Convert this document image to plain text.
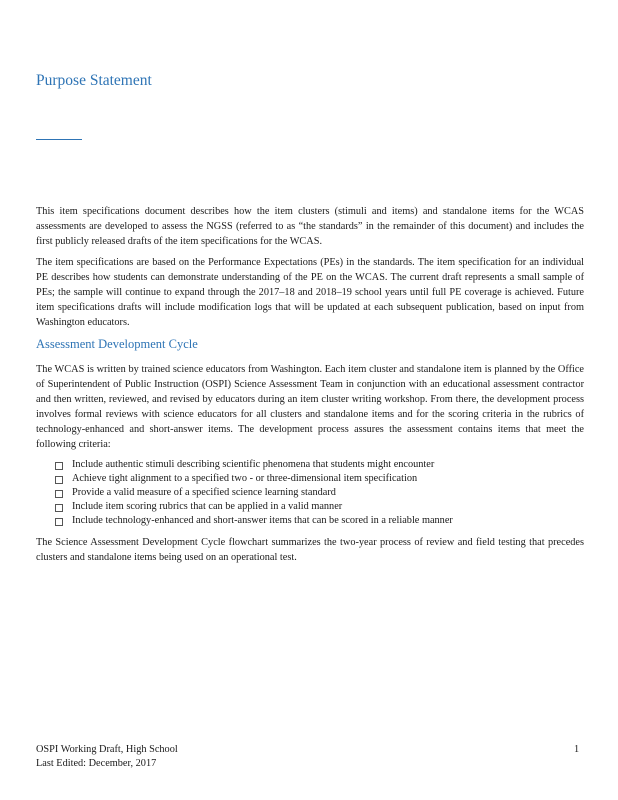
Purpose Statement

This item specifications document describes how the item clusters (stimuli and items) and standalone items for the WCAS assessments are developed to assess the NGSS (referred to as “the standards” in the remainder of this document) and includes the first publicly released drafts of the item specifications for the WCAS.

The item specifications are based on the Performance Expectations (PEs) in the standards. The item specification for an individual PE describes how students can demonstrate understanding of the PE on the WCAS. The current draft represents a small sample of PEs; the sample will continue to expand through the 2017–18 and 2018–19 school years until full PE coverage is achieved. Future item specifications drafts will include modification logs that will be updated at each subsequent publication, based on input from Washington educators.

Assessment Development Cycle

The WCAS is written by trained science educators from Washington. Each item cluster and standalone item is planned by the Office of Superintendent of Public Instruction (OSPI) Science Assessment Team in conjunction with an educational assessment contractor and then written, reviewed, and revised by educators during an item cluster writing workshop. From there, the development process involves formal reviews with science educators for all clusters and standalone items and for the scoring criteria in the rubrics of technology-enhanced and short-answer items. The development process assures the assessment contains items that meet the following criteria:

Include authentic stimuli describing scientific phenomena that students might encounter
Achieve tight alignment to a specified two - or three-dimensional item specification
Provide a valid measure of a specified science learning standard
Include item scoring rubrics that can be applied in a valid manner
Include technology-enhanced and short-answer items that can be scored in a reliable manner

The Science Assessment Development Cycle flowchart summarizes the two-year process of review and field testing that precedes clusters and standalone items being used on an operational test.

OSPI Working Draft, High School
Last Edited: December, 2017
1
